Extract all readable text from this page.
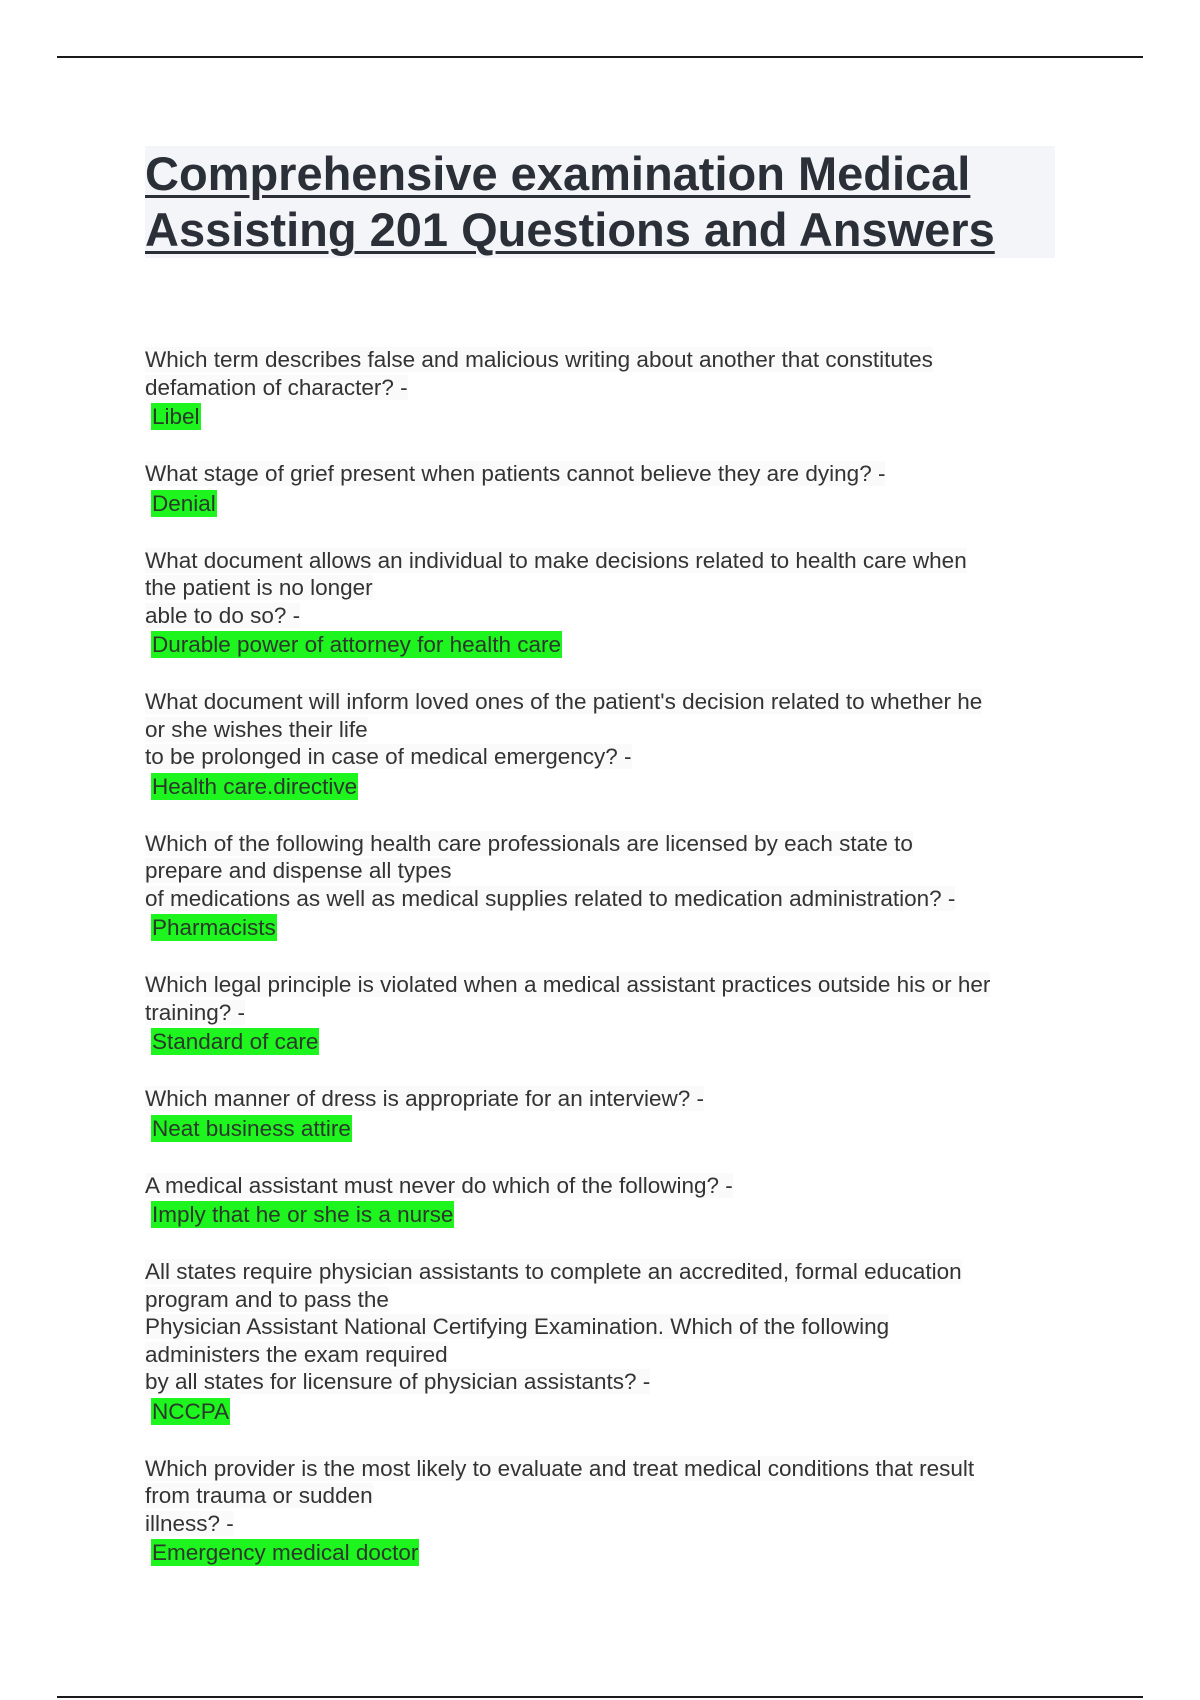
Comprehensive examination Medical Assisting 201 Questions and Answers
Which term describes false and malicious writing about another that constitutes
defamation of character? -
Libel
What stage of grief present when patients cannot believe they are dying? -
Denial
What document allows an individual to make decisions related to health care when
the patient is no longer
able to do so? -
Durable power of attorney for health care
What document will inform loved ones of the patient's decision related to whether he
or she wishes their life
to be prolonged in case of medical emergency? -
Health care.directive
Which of the following health care professionals are licensed by each state to
prepare and dispense all types
of medications as well as medical supplies related to medication administration? -
Pharmacists
Which legal principle is violated when a medical assistant practices outside his or her
training? -
Standard of care
Which manner of dress is appropriate for an interview? -
Neat business attire
A medical assistant must never do which of the following? -
Imply that he or she is a nurse
All states require physician assistants to complete an accredited, formal education
program and to pass the
Physician Assistant National Certifying Examination. Which of the following
administers the exam required
by all states for licensure of physician assistants? -
NCCPA
Which provider is the most likely to evaluate and treat medical conditions that result
from trauma or sudden
illness? -
Emergency medical doctor
